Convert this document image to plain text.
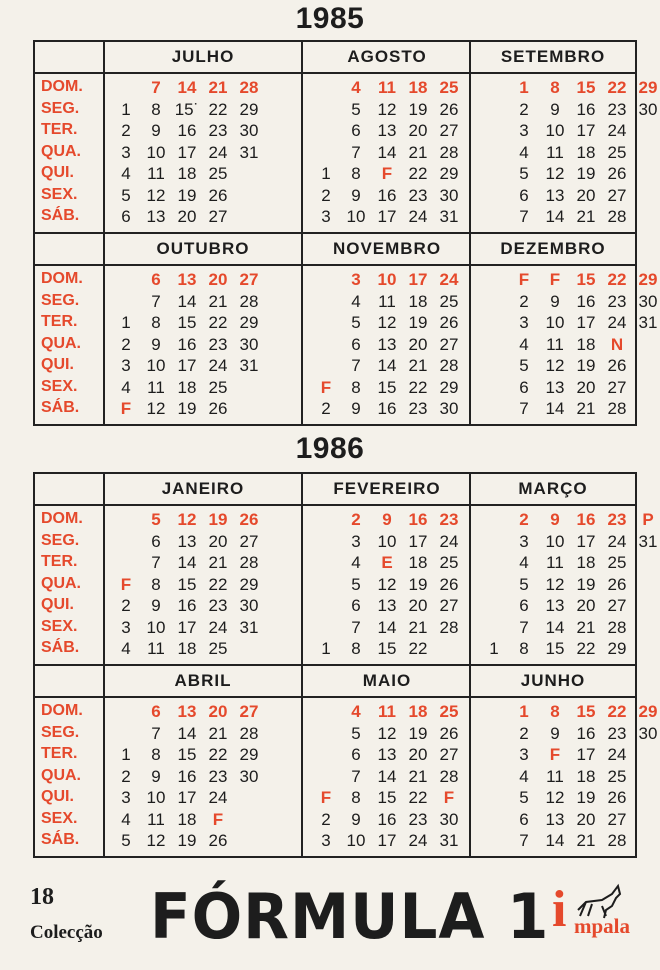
1985
DOM.
SEG.
TER.
QUA.
QUI.
SEX.
SÁB.
JULHO
1
2
3
4
5
6
7
8
9
10
11
12
13
14
15˙
16
17
18
19
20
21
22
23
24
25
26
27
28
29
30
31
AGOSTO
1
2
3
4
5
6
7
8
9
10
11
12
13
14
F
16
17
18
19
20
21
22
23
24
25
26
27
28
29
30
31
SETEMBRO
1
2
3
4
5
6
7
8
9
10
11
12
13
14
15
16
17
18
19
20
21
22
23
24
25
26
27
28
29
30
DOM.
SEG.
TER.
QUA.
QUI.
SEX.
SÁB.
OUTUBRO
1
2
3
4
F
6
7
8
9
10
11
12
13
14
15
16
17
18
19
20
21
22
23
24
25
26
27
28
29
30
31
NOVEMBRO
F
2
3
4
5
6
7
8
9
10
11
12
13
14
15
16
17
18
19
20
21
22
23
24
25
26
27
28
29
30
DEZEMBRO
F
2
3
4
5
6
7
F
9
10
11
12
13
14
15
16
17
18
19
20
21
22
23
24
N
26
27
28
29
30
31
1986
DOM.
SEG.
TER.
QUA.
QUI.
SEX.
SÁB.
JANEIRO
F
2
3
4
5
6
7
8
9
10
11
12
13
14
15
16
17
18
19
20
21
22
23
24
25
26
27
28
29
30
31
FEVEREIRO
1
2
3
4
5
6
7
8
9
10
E
12
13
14
15
16
17
18
19
20
21
22
23
24
25
26
27
28
MARÇO
1
2
3
4
5
6
7
8
9
10
11
12
13
14
15
16
17
18
19
20
21
22
23
24
25
26
27
28
29
P
31
DOM.
SEG.
TER.
QUA.
QUI.
SEX.
SÁB.
ABRIL
1
2
3
4
5
6
7
8
9
10
11
12
13
14
15
16
17
18
19
20
21
22
23
24
F
26
27
28
29
30
MAIO
F
2
3
4
5
6
7
8
9
10
11
12
13
14
15
16
17
18
19
20
21
22
23
24
25
26
27
28
F
30
31
JUNHO
1
2
3
4
5
6
7
8
9
F
11
12
13
14
15
16
17
18
19
20
21
22
23
24
25
26
27
28
29
30
18
Colecção FÓRMULA 1 i mpala
